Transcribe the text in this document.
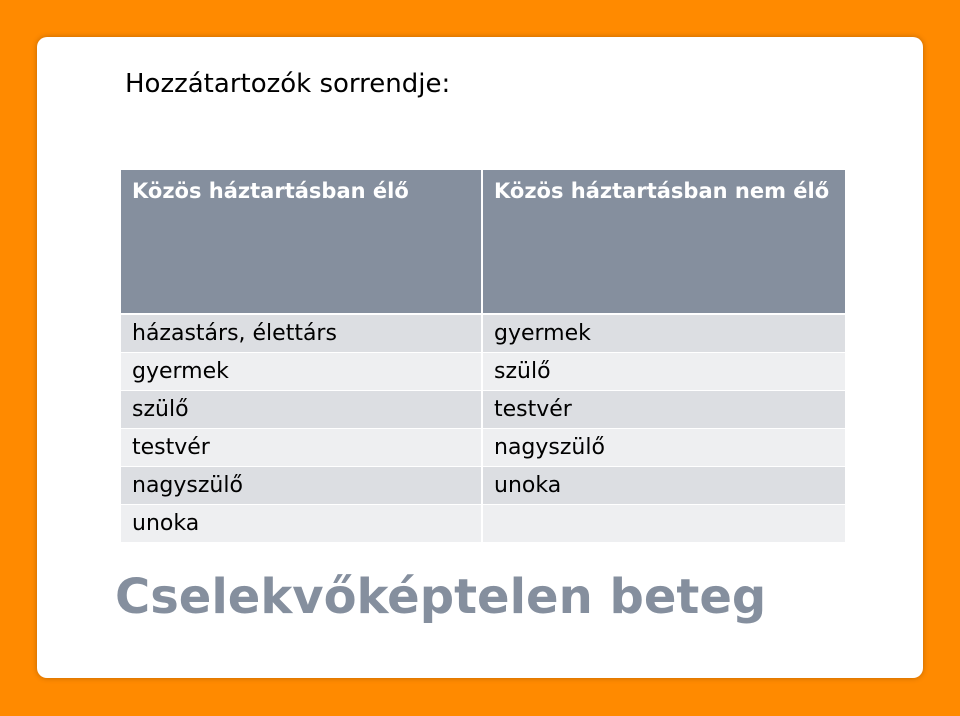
Hozzátartozók sorrendje:
Közös háztartásban élő	Közös háztartásban nem élő
házastárs, élettárs	gyermek
gyermek	szülő
szülő	testvér
testvér	nagyszülő
nagyszülő	unoka
unoka
Cselekvőképtelen beteg
